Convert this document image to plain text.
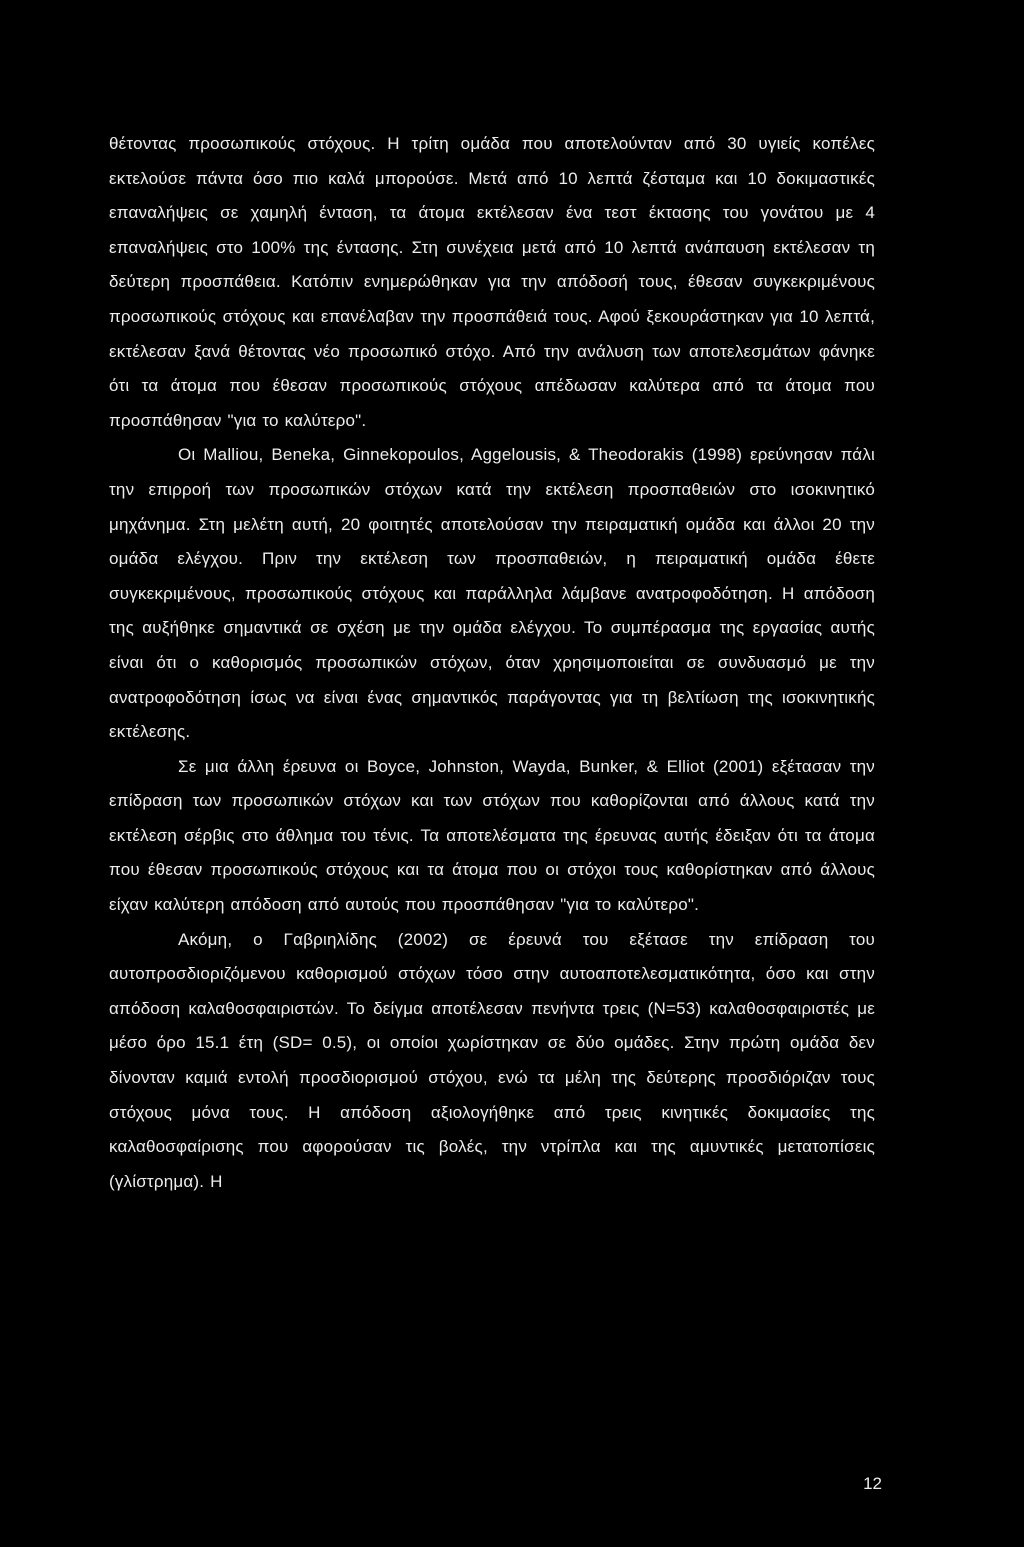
θέτοντας προσωπικούς στόχους. Η τρίτη ομάδα που αποτελούνταν από 30 υγιείς κοπέλες εκτελούσε πάντα όσο πιο καλά μπορούσε. Μετά από 10 λεπτά ζέσταμα και 10 δοκιμαστικές επαναλήψεις σε χαμηλή ένταση, τα άτομα εκτέλεσαν ένα τεστ έκτασης του γονάτου με 4 επαναλήψεις στο 100% της έντασης. Στη συνέχεια μετά από 10 λεπτά ανάπαυση εκτέλεσαν τη δεύτερη προσπάθεια. Κατόπιν ενημερώθηκαν για την απόδοσή τους, έθεσαν συγκεκριμένους προσωπικούς στόχους και επανέλαβαν την προσπάθειά τους. Αφού ξεκουράστηκαν για 10 λεπτά, εκτέλεσαν ξανά θέτοντας νέο προσωπικό στόχο. Από την ανάλυση των αποτελεσμάτων φάνηκε ότι τα άτομα που έθεσαν προσωπικούς στόχους απέδωσαν καλύτερα από τα άτομα που προσπάθησαν "για το καλύτερο".

Οι Malliou, Beneka, Ginnekopoulos, Aggelousis, & Theodorakis (1998) ερεύνησαν πάλι την επιρροή των προσωπικών στόχων κατά την εκτέλεση προσπαθειών στο ισοκινητικό μηχάνημα. Στη μελέτη αυτή, 20 φοιτητές αποτελούσαν την πειραματική ομάδα και άλλοι 20 την ομάδα ελέγχου. Πριν την εκτέλεση των προσπαθειών, η πειραματική ομάδα έθετε συγκεκριμένους, προσωπικούς στόχους και παράλληλα λάμβανε ανατροφοδότηση. Η απόδοση της αυξήθηκε σημαντικά σε σχέση με την ομάδα ελέγχου. Το συμπέρασμα της εργασίας αυτής είναι ότι ο καθορισμός προσωπικών στόχων, όταν χρησιμοποιείται σε συνδυασμό με την ανατροφοδότηση ίσως να είναι ένας σημαντικός παράγοντας για τη βελτίωση της ισοκινητικής εκτέλεσης.

Σε μια άλλη έρευνα οι Boyce, Johnston, Wayda, Bunker, & Elliot (2001) εξέτασαν την επίδραση των προσωπικών στόχων και των στόχων που καθορίζονται από άλλους κατά την εκτέλεση σέρβις στο άθλημα του τένις. Τα αποτελέσματα της έρευνας αυτής έδειξαν ότι τα άτομα που έθεσαν προσωπικούς στόχους και τα άτομα που οι στόχοι τους καθορίστηκαν από άλλους είχαν καλύτερη απόδοση από αυτούς που προσπάθησαν "για το καλύτερο".

Ακόμη, ο Γαβριηλίδης (2002) σε έρευνά του εξέτασε την επίδραση του αυτοπροσδιοριζόμενου καθορισμού στόχων τόσο στην αυτοαποτελεσματικότητα, όσο και στην απόδοση καλαθοσφαιριστών. Το δείγμα αποτέλεσαν πενήντα τρεις (Ν=53) καλαθοσφαιριστές με μέσο όρο 15.1 έτη (SD= 0.5), οι οποίοι χωρίστηκαν σε δύο ομάδες. Στην πρώτη ομάδα δεν δίνονταν καμιά εντολή προσδιορισμού στόχου, ενώ τα μέλη της δεύτερης προσδιόριζαν τους στόχους μόνα τους. Η απόδοση αξιολογήθηκε από τρεις κινητικές δοκιμασίες της καλαθοσφαίρισης που αφορούσαν τις βολές, την ντρίπλα και της αμυντικές μετατοπίσεις (γλίστρημα). Η

12
